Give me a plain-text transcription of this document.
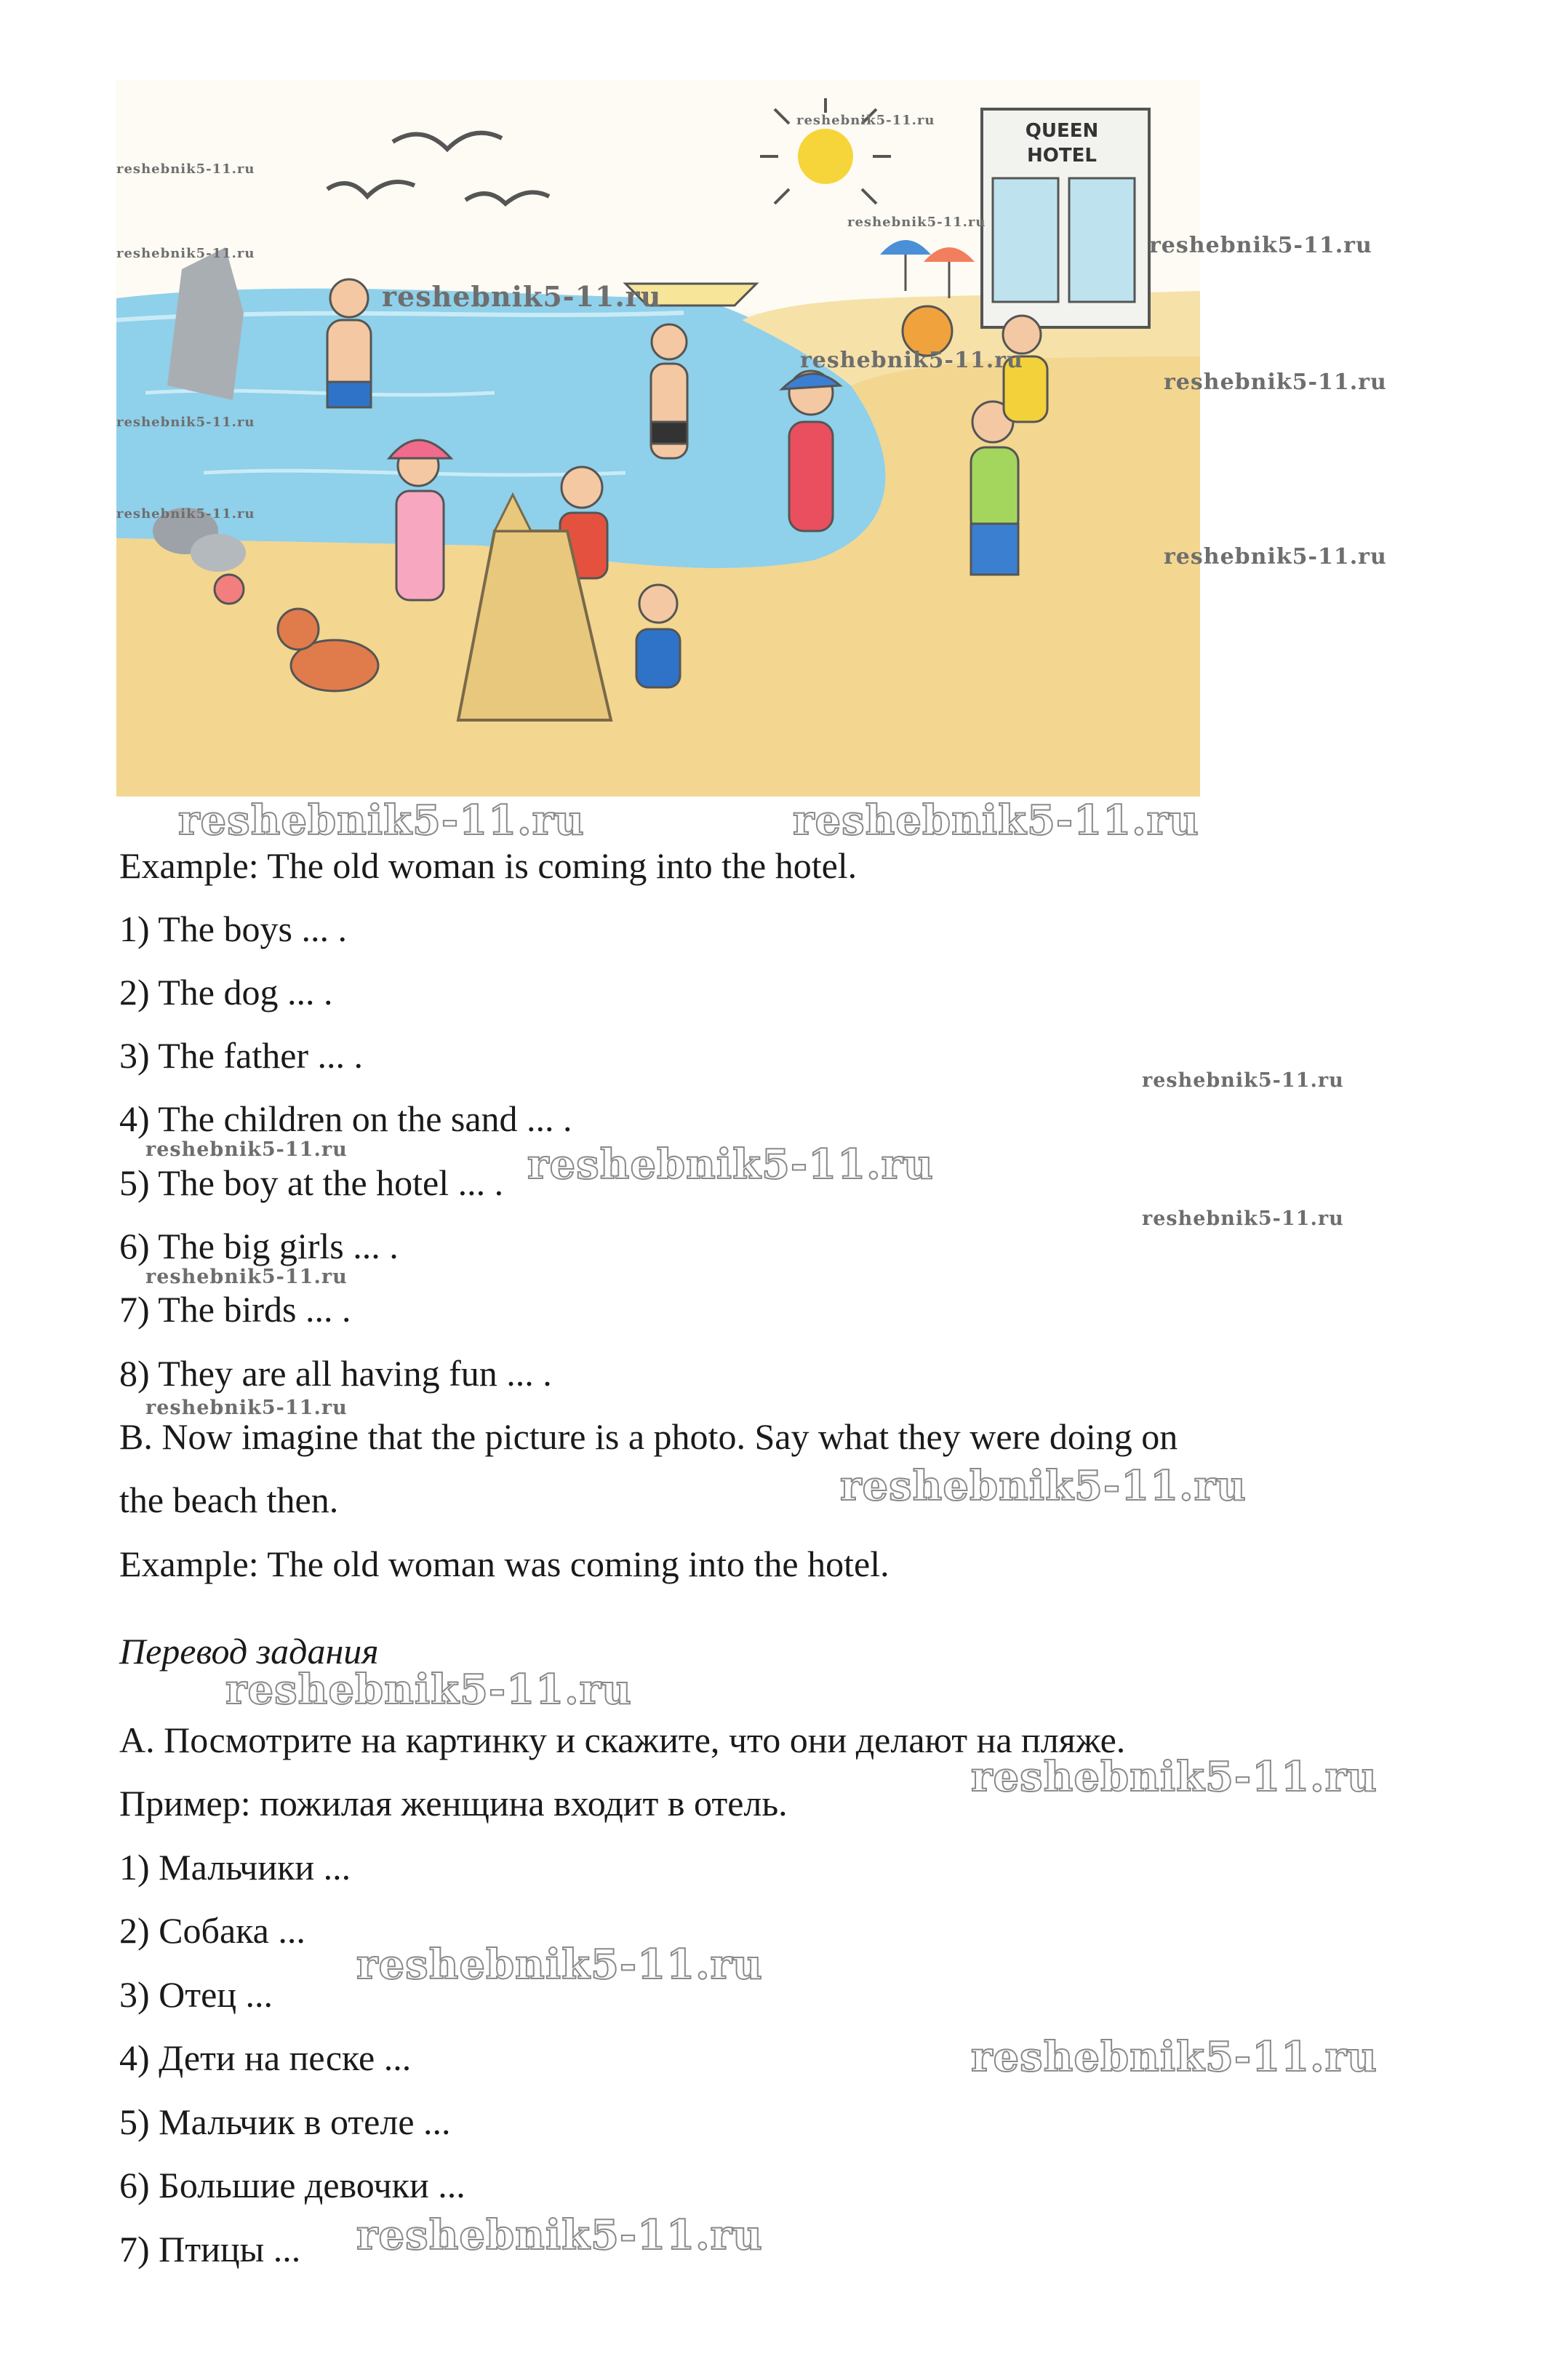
QUEEN
HOTEL
Example: The old woman is coming into the hotel.
1) The boys ... .
2) The dog ... .
3) The father ... .
4) The children on the sand ... .
5) The boy at the hotel ... .
6) The big girls ... .
7) The birds ... .
8) They are all having fun ... .
B. Now imagine that the picture is a photo. Say what they were doing on
the beach then.
Example: The old woman was coming into the hotel.
Перевод задания
А. Посмотрите на картинку и скажите, что они делают на пляже.
Пример: пожилая женщина входит в отель.
1) Мальчики ...
2) Собака ...
3) Отец ...
4) Дети на песке ...
5) Мальчик в отеле ...
6) Большие девочки ...
7) Птицы ...
reshebnik5-11.ru	reshebnik5-11.ru
reshebnik5-11.ru
reshebnik5-11.ru
reshebnik5-11.ru
reshebnik5-11.ru
reshebnik5-11.ru
reshebnik5-11.ru
reshebnik5-11.ru
reshebnik5-11.ru
reshebnik5-11.ru
reshebnik5-11.ru
reshebnik5-11.ru
reshebnik5-11.ru
reshebnik5-11.ru
reshebnik5-11.ru
reshebnik5-11.ru
reshebnik5-11.ru
reshebnik5-11.ru
reshebnik5-11.ru
reshebnik5-11.ru
reshebnik5-11.ru
reshebnik5-11.ru
reshebnik5-11.ru
reshebnik5-11.ru
